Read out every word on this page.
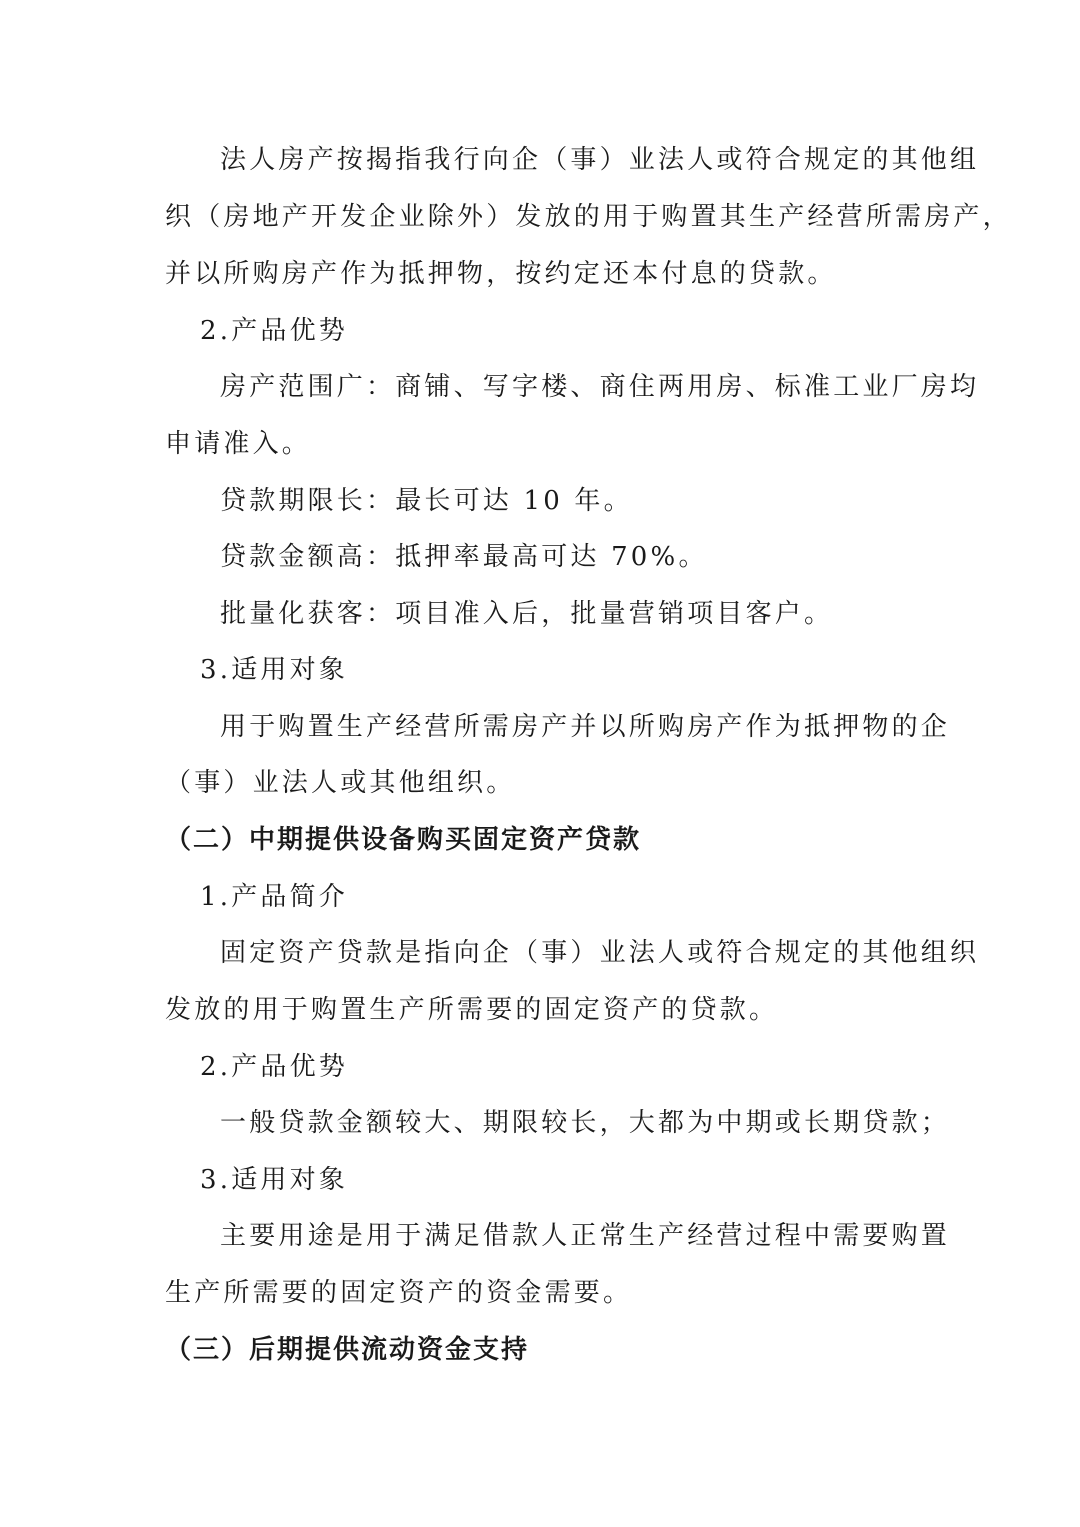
法人房产按揭指我行向企（事）业法人或符合规定的其他组
织（房地产开发企业除外）发放的用于购置其生产经营所需房产，
并以所购房产作为抵押物，按约定还本付息的贷款。
2.产品优势
房产范围广：商铺、写字楼、商住两用房、标准工业厂房均
申请准入。
贷款期限长：最长可达 10 年。
贷款金额高：抵押率最高可达 70%。
批量化获客：项目准入后，批量营销项目客户。
3.适用对象
用于购置生产经营所需房产并以所购房产作为抵押物的企
（事）业法人或其他组织。
（二）中期提供设备购买固定资产贷款
1.产品简介
固定资产贷款是指向企（事）业法人或符合规定的其他组织
发放的用于购置生产所需要的固定资产的贷款。
2.产品优势
一般贷款金额较大、期限较长，大都为中期或长期贷款；
3.适用对象
主要用途是用于满足借款人正常生产经营过程中需要购置
生产所需要的固定资产的资金需要。
（三）后期提供流动资金支持
